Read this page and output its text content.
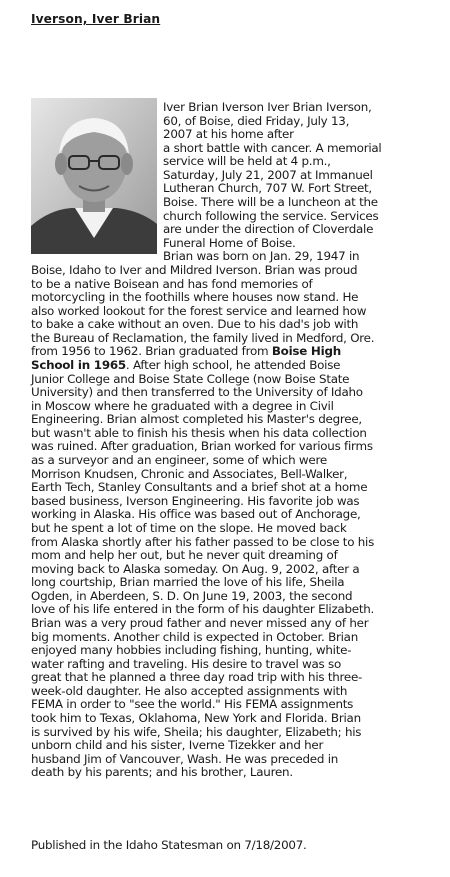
Iverson, Iver Brian
Iver Brian Iverson Iver Brian Iverson,
60, of Boise, died Friday, July 13,
2007 at his home after
a short battle with cancer. A memorial
service will be held at 4 p.m.,
Saturday, July 21, 2007 at Immanuel
Lutheran Church, 707 W. Fort Street,
Boise. There will be a luncheon at the
church following the service. Services
are under the direction of Cloverdale
Funeral Home of Boise.
Brian was born on Jan. 29, 1947 in
Boise, Idaho to Iver and Mildred Iverson. Brian was proud
to be a native Boisean and has fond memories of
motorcycling in the foothills where houses now stand. He
also worked lookout for the forest service and learned how
to bake a cake without an oven. Due to his dad's job with
the Bureau of Reclamation, the family lived in Medford, Ore.
from 1956 to 1962. Brian graduated from Boise High
School in 1965. After high school, he attended Boise
Junior College and Boise State College (now Boise State
University) and then transferred to the University of Idaho
in Moscow where he graduated with a degree in Civil
Engineering. Brian almost completed his Master's degree,
but wasn't able to finish his thesis when his data collection
was ruined. After graduation, Brian worked for various firms
as a surveyor and an engineer, some of which were
Morrison Knudsen, Chronic and Associates, Bell-Walker,
Earth Tech, Stanley Consultants and a brief shot at a home
based business, Iverson Engineering. His favorite job was
working in Alaska. His office was based out of Anchorage,
but he spent a lot of time on the slope. He moved back
from Alaska shortly after his father passed to be close to his
mom and help her out, but he never quit dreaming of
moving back to Alaska someday. On Aug. 9, 2002, after a
long courtship, Brian married the love of his life, Sheila
Ogden, in Aberdeen, S. D. On June 19, 2003, the second
love of his life entered in the form of his daughter Elizabeth.
Brian was a very proud father and never missed any of her
big moments. Another child is expected in October. Brian
enjoyed many hobbies including fishing, hunting, white-
water rafting and traveling. His desire to travel was so
great that he planned a three day road trip with his three-
week-old daughter. He also accepted assignments with
FEMA in order to "see the world." His FEMA assignments
took him to Texas, Oklahoma, New York and Florida. Brian
is survived by his wife, Sheila; his daughter, Elizabeth; his
unborn child and his sister, Iverne Tizekker and her
husband Jim of Vancouver, Wash. He was preceded in
death by his parents; and his brother, Lauren.

Published in the Idaho Statesman on 7/18/2007.
